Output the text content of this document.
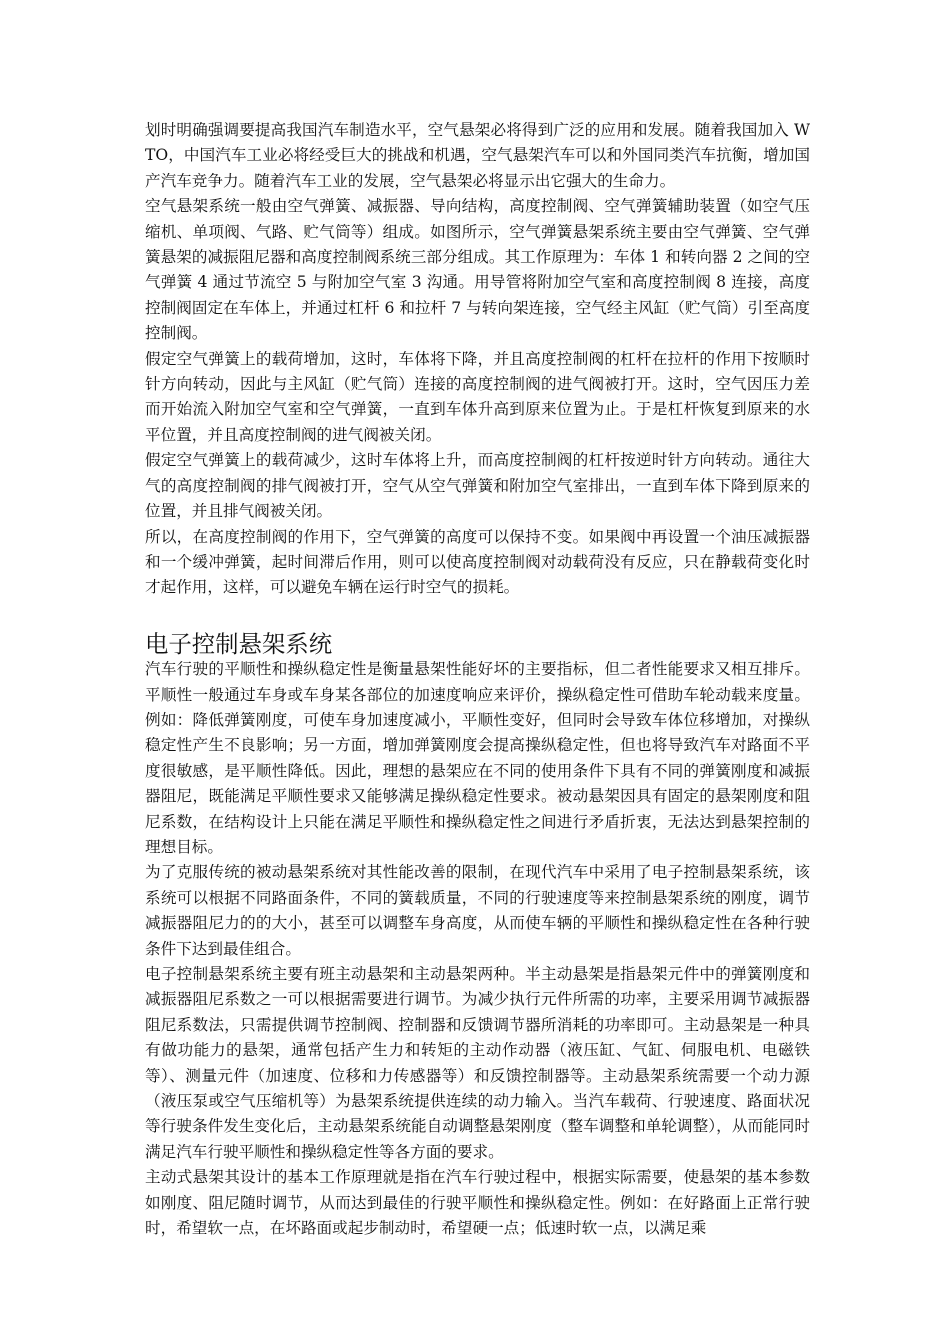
划时明确强调要提高我国汽车制造水平，空气悬架必将得到广泛的应用和发展。随着我国加入 WTO，中国汽车工业必将经受巨大的挑战和机遇，空气悬架汽车可以和外国同类汽车抗衡，增加国产汽车竞争力。随着汽车工业的发展，空气悬架必将显示出它强大的生命力。

空气悬架系统一般由空气弹簧、减振器、导向结构，高度控制阀、空气弹簧辅助装置（如空气压缩机、单项阀、气路、贮气筒等）组成。如图所示，空气弹簧悬架系统主要由空气弹簧、空气弹簧悬架的减振阻尼器和高度控制阀系统三部分组成。其工作原理为：车体 1 和转向器 2 之间的空气弹簧 4 通过节流空 5 与附加空气室 3 沟通。用导管将附加空气室和高度控制阀 8 连接，高度控制阀固定在车体上，并通过杠杆 6 和拉杆 7 与转向架连接，空气经主风缸（贮气筒）引至高度控制阀。

假定空气弹簧上的载荷增加，这时，车体将下降，并且高度控制阀的杠杆在拉杆的作用下按顺时针方向转动，因此与主风缸（贮气筒）连接的高度控制阀的进气阀被打开。这时，空气因压力差而开始流入附加空气室和空气弹簧，一直到车体升高到原来位置为止。于是杠杆恢复到原来的水平位置，并且高度控制阀的进气阀被关闭。

假定空气弹簧上的载荷减少，这时车体将上升，而高度控制阀的杠杆按逆时针方向转动。通往大气的高度控制阀的排气阀被打开，空气从空气弹簧和附加空气室排出，一直到车体下降到原来的位置，并且排气阀被关闭。

所以，在高度控制阀的作用下，空气弹簧的高度可以保持不变。如果阀中再设置一个油压减振器和一个缓冲弹簧，起时间滞后作用，则可以使高度控制阀对动载荷没有反应，只在静载荷变化时才起作用，这样，可以避免车辆在运行时空气的损耗。

电子控制悬架系统

汽车行驶的平顺性和操纵稳定性是衡量悬架性能好坏的主要指标，但二者性能要求又相互排斥。平顺性一般通过车身或车身某各部位的加速度响应来评价，操纵稳定性可借助车轮动载来度量。例如：降低弹簧刚度，可使车身加速度减小，平顺性变好，但同时会导致车体位移增加，对操纵稳定性产生不良影响；另一方面，增加弹簧刚度会提高操纵稳定性，但也将导致汽车对路面不平度很敏感，是平顺性降低。因此，理想的悬架应在不同的使用条件下具有不同的弹簧刚度和减振器阻尼，既能满足平顺性要求又能够满足操纵稳定性要求。被动悬架因具有固定的悬架刚度和阻尼系数，在结构设计上只能在满足平顺性和操纵稳定性之间进行矛盾折衷，无法达到悬架控制的理想目标。

为了克服传统的被动悬架系统对其性能改善的限制，在现代汽车中采用了电子控制悬架系统，该系统可以根据不同路面条件，不同的簧载质量，不同的行驶速度等来控制悬架系统的刚度，调节减振器阻尼力的的大小，甚至可以调整车身高度，从而使车辆的平顺性和操纵稳定性在各种行驶条件下达到最佳组合。

电子控制悬架系统主要有班主动悬架和主动悬架两种。半主动悬架是指悬架元件中的弹簧刚度和减振器阻尼系数之一可以根据需要进行调节。为减少执行元件所需的功率，主要采用调节减振器阻尼系数法，只需提供调节控制阀、控制器和反馈调节器所消耗的功率即可。主动悬架是一种具有做功能力的悬架，通常包括产生力和转矩的主动作动器（液压缸、气缸、伺服电机、电磁铁等）、测量元件（加速度、位移和力传感器等）和反馈控制器等。主动悬架系统需要一个动力源（液压泵或空气压缩机等）为悬架系统提供连续的动力输入。当汽车载荷、行驶速度、路面状况等行驶条件发生变化后，主动悬架系统能自动调整悬架刚度（整车调整和单轮调整），从而能同时满足汽车行驶平顺性和操纵稳定性等各方面的要求。

主动式悬架其设计的基本工作原理就是指在汽车行驶过程中，根据实际需要，使悬架的基本参数如刚度、阻尼随时调节，从而达到最佳的行驶平顺性和操纵稳定性。例如：在好路面上正常行驶时，希望软一点，在坏路面或起步制动时，希望硬一点；低速时软一点，以满足乘
